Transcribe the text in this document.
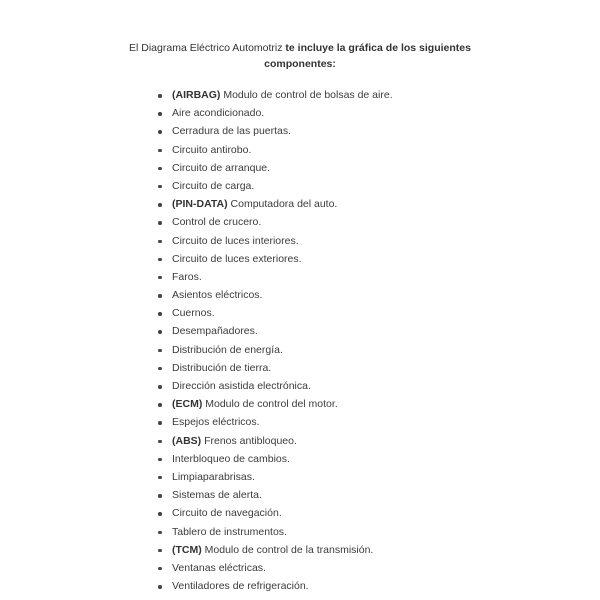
El Diagrama Eléctrico Automotriz te incluye la gráfica de los siguientes componentes:
(AIRBAG) Modulo de control de bolsas de aire.
Aire acondicionado.
Cerradura de las puertas.
Circuito antirobo.
Circuito de arranque.
Circuito de carga.
(PIN-DATA) Computadora del auto.
Control de crucero.
Circuito de luces interiores.
Circuito de luces exteriores.
Faros.
Asientos eléctricos.
Cuernos.
Desempañadores.
Distribución de energía.
Distribución de tierra.
Dirección asistida electrónica.
(ECM) Modulo de control del motor.
Espejos eléctricos.
(ABS) Frenos antibloqueo.
Interbloqueo de cambios.
Limpiaparabrisas.
Sistemas de alerta.
Circuito de navegación.
Tablero de instrumentos.
(TCM) Modulo de control de la transmisión.
Ventanas eléctricas.
Ventiladores de refrigeración.
